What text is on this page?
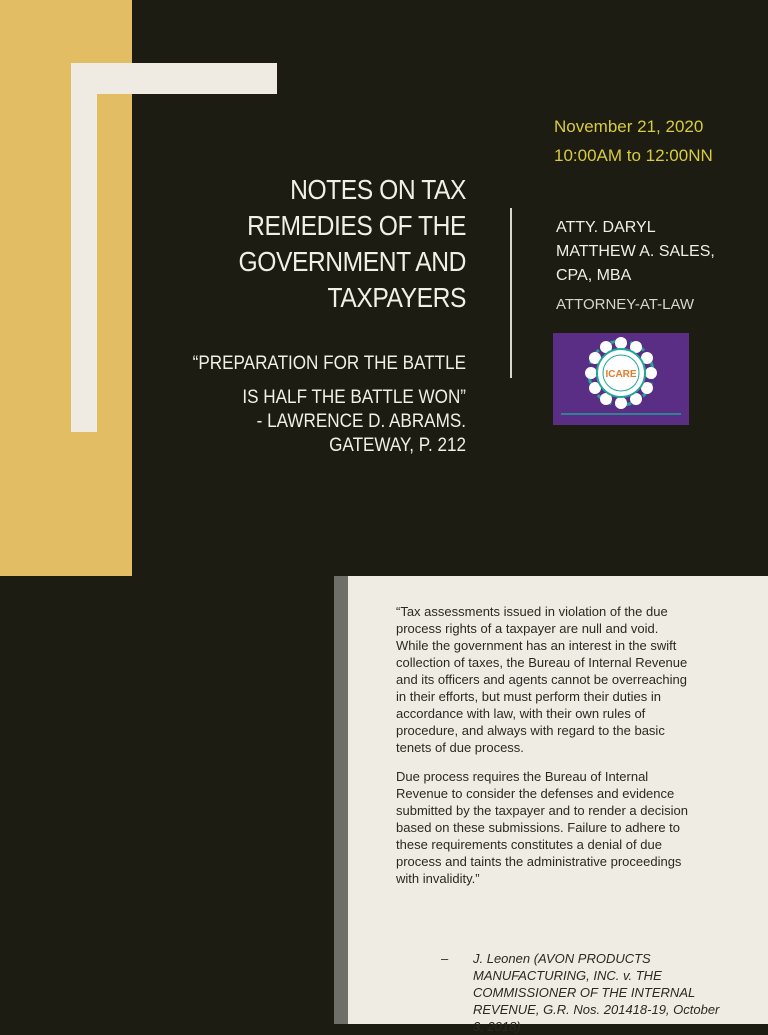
NOTES ON TAX REMEDIES OF THE GOVERNMENT AND TAXPAYERS
“PREPARATION FOR THE BATTLE
IS HALF THE BATTLE WON”
- LAWRENCE D. ABRAMS.
GATEWAY, P. 212
November 21, 2020
10:00AM to 12:00NN
ATTY. DARYL
MATTHEW A. SALES,
CPA, MBA
ATTORNEY-AT-LAW
ICARE

“Tax assessments issued in violation of the due process rights of a taxpayer are null and void. While the government has an interest in the swift collection of taxes, the Bureau of Internal Revenue and its officers and agents cannot be overreaching in their efforts, but must perform their duties in accordance with law, with their own rules of procedure, and always with regard to the basic tenets of due process.

Due process requires the Bureau of Internal Revenue to consider the defenses and evidence submitted by the taxpayer and to render a decision based on these submissions. Failure to adhere to these requirements constitutes a denial of due process and taints the administrative proceedings with invalidity.”

– J. Leonen (AVON PRODUCTS MANUFACTURING, INC. v. THE COMMISSIONER OF THE INTERNAL REVENUE, G.R. Nos. 201418-19, October 3, 2018)
